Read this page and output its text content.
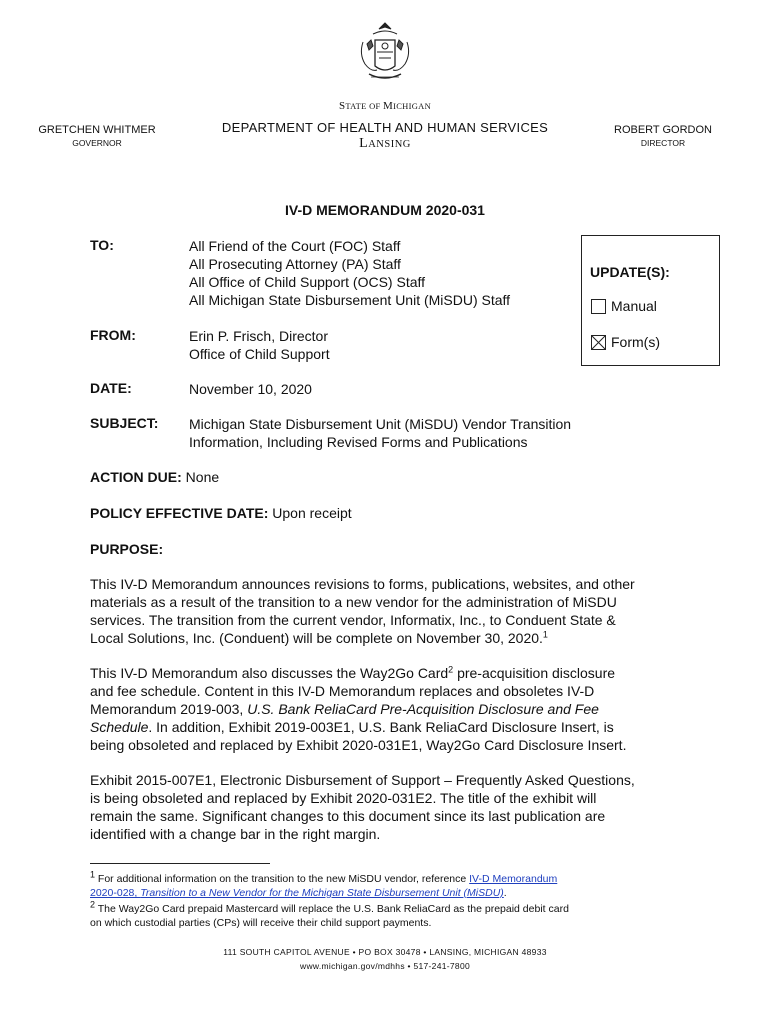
STATE OF MICHIGAN
GRETCHEN WHITMER
GOVERNOR
DEPARTMENT OF HEALTH AND HUMAN SERVICES
LANSING
ROBERT GORDON
DIRECTOR
IV-D MEMORANDUM 2020-031
TO:	All Friend of the Court (FOC) Staff
All Prosecuting Attorney (PA) Staff
All Office of Child Support (OCS) Staff
All Michigan State Disbursement Unit (MiSDU) Staff
UPDATE(S):
Manual
Form(s)
FROM:	Erin P. Frisch, Director
Office of Child Support
DATE:	November 10, 2020
SUBJECT: Michigan State Disbursement Unit (MiSDU) Vendor Transition
Information, Including Revised Forms and Publications
ACTION DUE: None
POLICY EFFECTIVE DATE: Upon receipt
PURPOSE:
This IV-D Memorandum announces revisions to forms, publications, websites, and other
materials as a result of the transition to a new vendor for the administration of MiSDU
services. The transition from the current vendor, Informatix, Inc., to Conduent State &
Local Solutions, Inc. (Conduent) will be complete on November 30, 2020.$^1$
This IV-D Memorandum also discusses the Way2Go Card$^2$ pre-acquisition disclosure
and fee schedule. Content in this IV-D Memorandum replaces and obsoletes IV-D
Memorandum 2019-003, U.S. Bank ReliaCard Pre-Acquisition Disclosure and Fee
Schedule. In addition, Exhibit 2019-003E1, U.S. Bank ReliaCard Disclosure Insert, is
being obsoleted and replaced by Exhibit 2020-031E1, Way2Go Card Disclosure Insert.
Exhibit 2015-007E1, Electronic Disbursement of Support – Frequently Asked Questions,
is being obsoleted and replaced by Exhibit 2020-031E2. The title of the exhibit will
remain the same. Significant changes to this document since its last publication are
identified with a change bar in the right margin.
1 For additional information on the transition to the new MiSDU vendor, reference IV-D Memorandum
2020-028, Transition to a New Vendor for the Michigan State Disbursement Unit (MiSDU).
2 The Way2Go Card prepaid Mastercard will replace the U.S. Bank ReliaCard as the prepaid debit card
on which custodial parties (CPs) will receive their child support payments.
111 SOUTH CAPITOL AVENUE • PO BOX 30478 • LANSING, MICHIGAN 48933
www.michigan.gov/mdhhs • 517-241-7800
